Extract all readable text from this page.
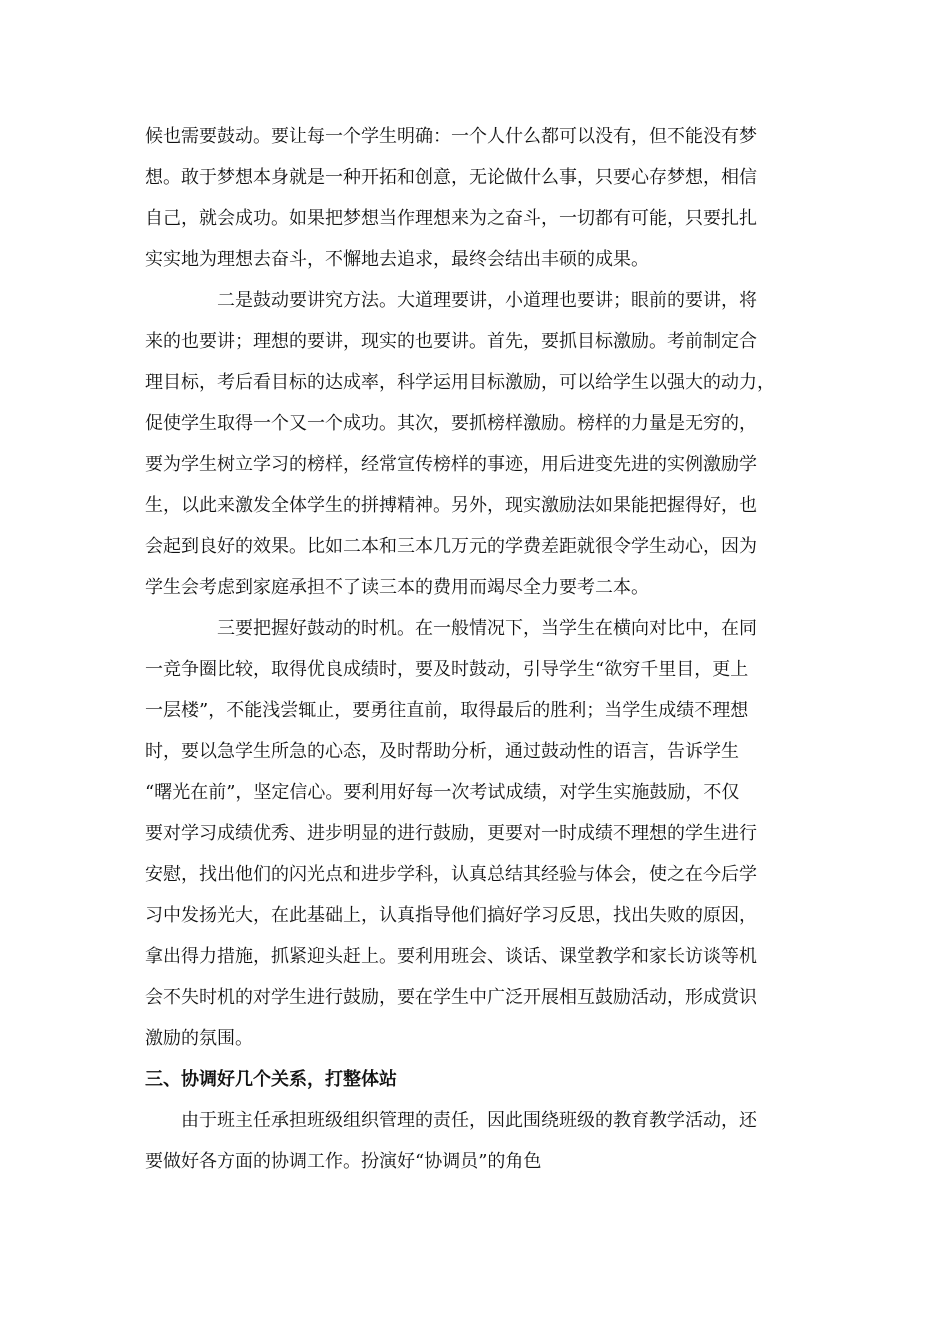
候也需要鼓动。要让每一个学生明确：一个人什么都可以没有，但不能没有梦
想。敢于梦想本身就是一种开拓和创意，无论做什么事，只要心存梦想，相信
自己，就会成功。如果把梦想当作理想来为之奋斗，一切都有可能，只要扎扎
实实地为理想去奋斗，不懈地去追求，最终会结出丰硕的成果。
二是鼓动要讲究方法。大道理要讲，小道理也要讲；眼前的要讲，将
来的也要讲；理想的要讲，现实的也要讲。首先，要抓目标激励。考前制定合
理目标，考后看目标的达成率，科学运用目标激励，可以给学生以强大的动力，
促使学生取得一个又一个成功。其次，要抓榜样激励。榜样的力量是无穷的，
要为学生树立学习的榜样，经常宣传榜样的事迹，用后进变先进的实例激励学
生，以此来激发全体学生的拼搏精神。另外，现实激励法如果能把握得好，也
会起到良好的效果。比如二本和三本几万元的学费差距就很令学生动心，因为
学生会考虑到家庭承担不了读三本的费用而竭尽全力要考二本。
三要把握好鼓动的时机。在一般情况下，当学生在横向对比中，在同
一竞争圈比较，取得优良成绩时，要及时鼓动，引导学生“欲穷千里目，更上
一层楼”，不能浅尝辄止，要勇往直前，取得最后的胜利；当学生成绩不理想
时，要以急学生所急的心态，及时帮助分析，通过鼓动性的语言，告诉学生
“曙光在前”，坚定信心。要利用好每一次考试成绩，对学生实施鼓励，不仅
要对学习成绩优秀、进步明显的进行鼓励，更要对一时成绩不理想的学生进行
安慰，找出他们的闪光点和进步学科，认真总结其经验与体会，使之在今后学
习中发扬光大，在此基础上，认真指导他们搞好学习反思，找出失败的原因，
拿出得力措施，抓紧迎头赶上。要利用班会、谈话、课堂教学和家长访谈等机
会不失时机的对学生进行鼓励，要在学生中广泛开展相互鼓励活动，形成赏识
激励的氛围。
三、协调好几个关系，打整体站
由于班主任承担班级组织管理的责任，因此围绕班级的教育教学活动，还
要做好各方面的协调工作。扮演好“协调员”的角色
